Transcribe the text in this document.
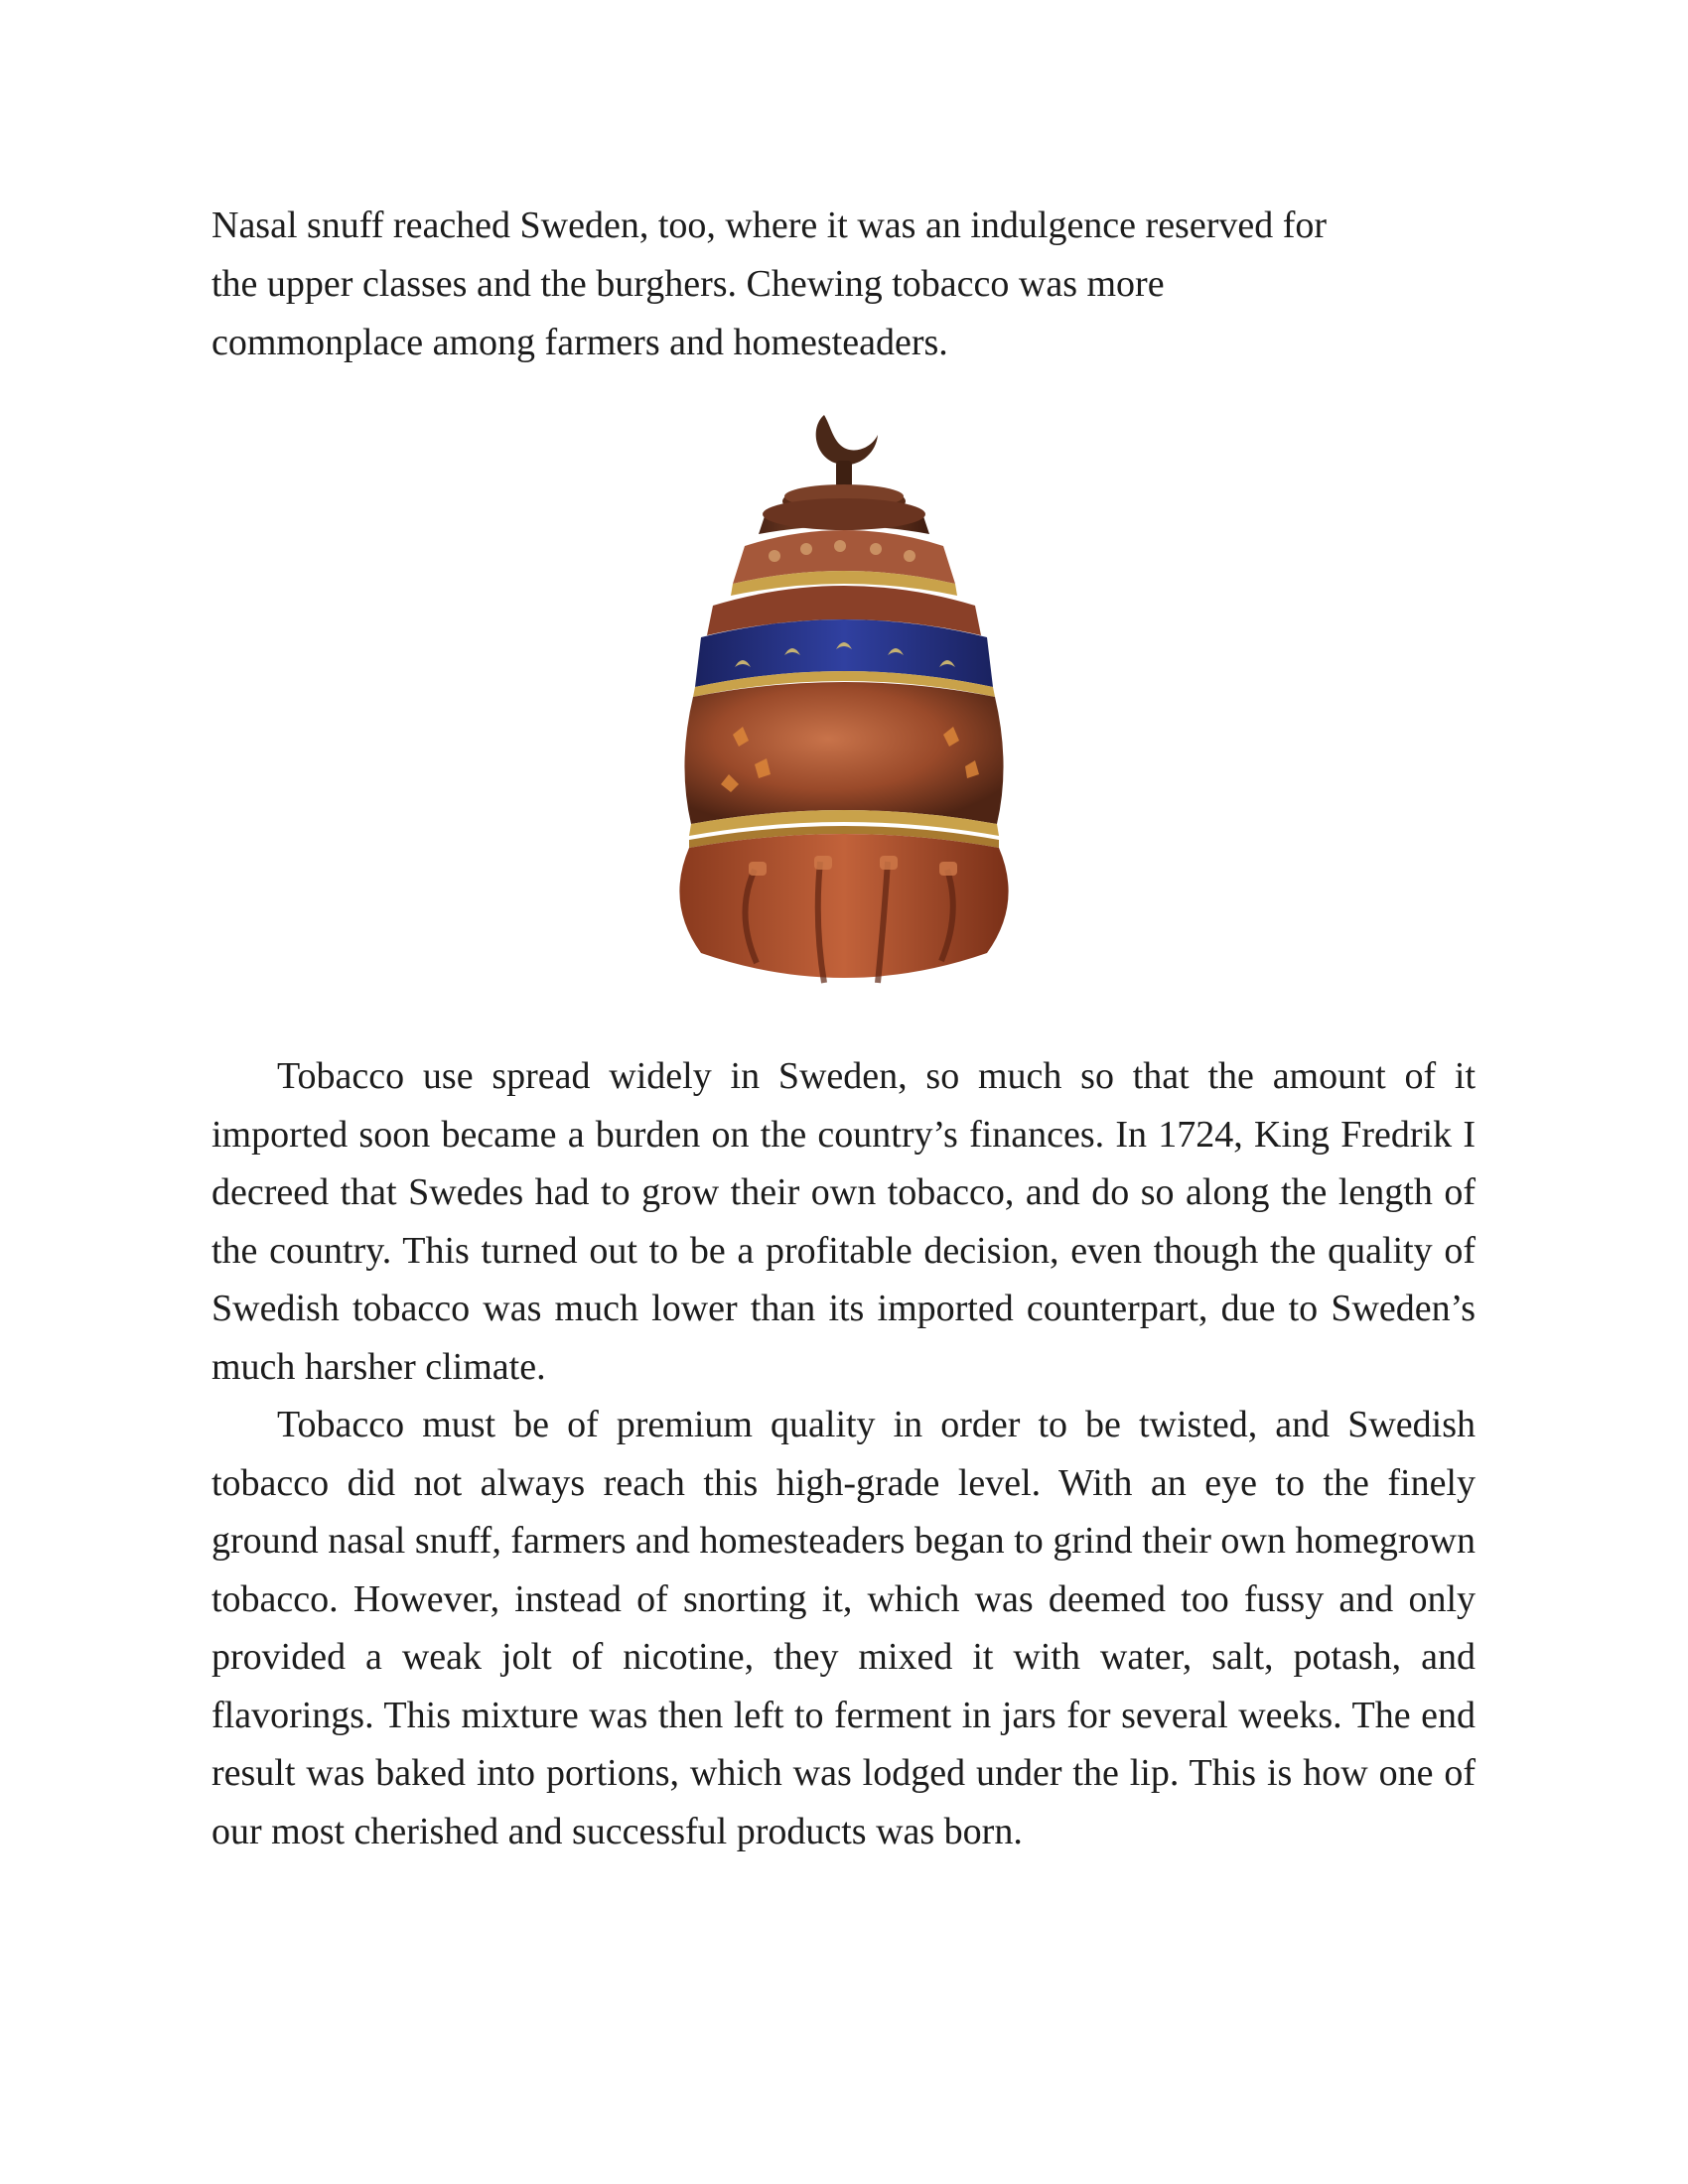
Nasal snuff reached Sweden, too, where it was an indulgence reserved for
the upper classes and the burghers. Chewing tobacco was more
commonplace among farmers and homesteaders.

Tobacco use spread widely in Sweden, so much so that the amount of it imported soon became a burden on the country’s finances. In 1724, King Fredrik I decreed that Swedes had to grow their own tobacco, and do so along the length of the country. This turned out to be a profitable decision, even though the quality of Swedish tobacco was much lower than its imported counterpart, due to Sweden’s much harsher climate.

Tobacco must be of premium quality in order to be twisted, and Swedish tobacco did not always reach this high-grade level. With an eye to the finely ground nasal snuff, farmers and homesteaders began to grind their own homegrown tobacco. However, instead of snorting it, which was deemed too fussy and only provided a weak jolt of nicotine, they mixed it with water, salt, potash, and flavorings. This mixture was then left to ferment in jars for several weeks. The end result was baked into portions, which was lodged under the lip. This is how one of our most cherished and successful products was born.
